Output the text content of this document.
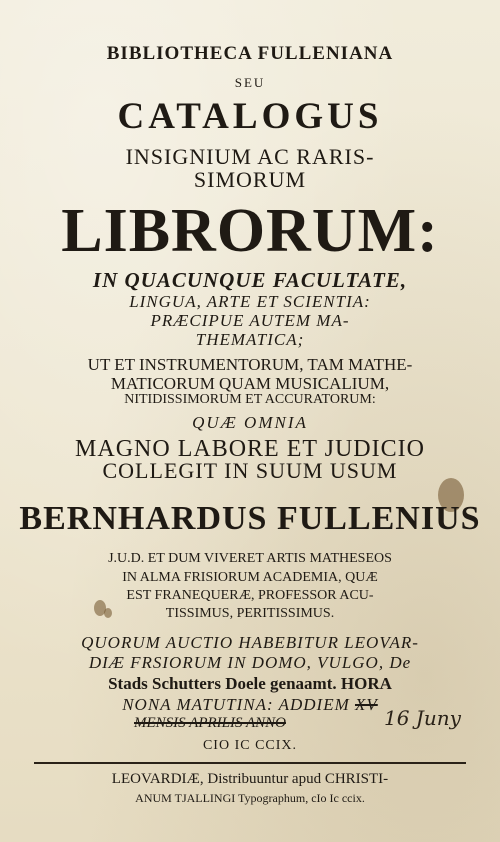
BIBLIOTHECA FULLENIANA
SEU
CATALOGUS
INSIGNIUM AC RARIS-
SIMORUM
LIBRORUM:
IN QUACUNQUE FACULTATE,
LINGUA, ARTE ET SCIENTIA:
PRÆCIPUE AUTEM MA-
THEMATICA;
UT ET INSTRUMENTORUM, TAM MATHE-
MATICORUM QUAM MUSICALIUM,
NITIDISSIMORUM ET ACCURATORUM:
QUÆ OMNIA
MAGNO LABORE ET JUDICIO
COLLEGIT IN SUUM USUM
BERNHARDUS FULLENIUS
J.U.D. ET DUM VIVERET ARTIS MATHESEOS
IN ALMA FRISIORUM ACADEMIA, QUÆ
EST FRANEQUERÆ, PROFESSOR ACU-
TISSIMUS, PERITISSIMUS.
QUORUM AUCTIO HABEBITUR LEOVAR-
DIÆ FRSIORUM IN DOMO, VULGO, De
Stads Schutters Doele genaamt. HORA
NONA MATUTINA: ADDIEM XV
MENSIS APRILIS ANNO	16 Juny
CIO IC CCIX.
LEOVARDIÆ, Distribuuntur apud CHRISTI-
ANUM TJALLINGI Typographum, cIo Ic ccix.
